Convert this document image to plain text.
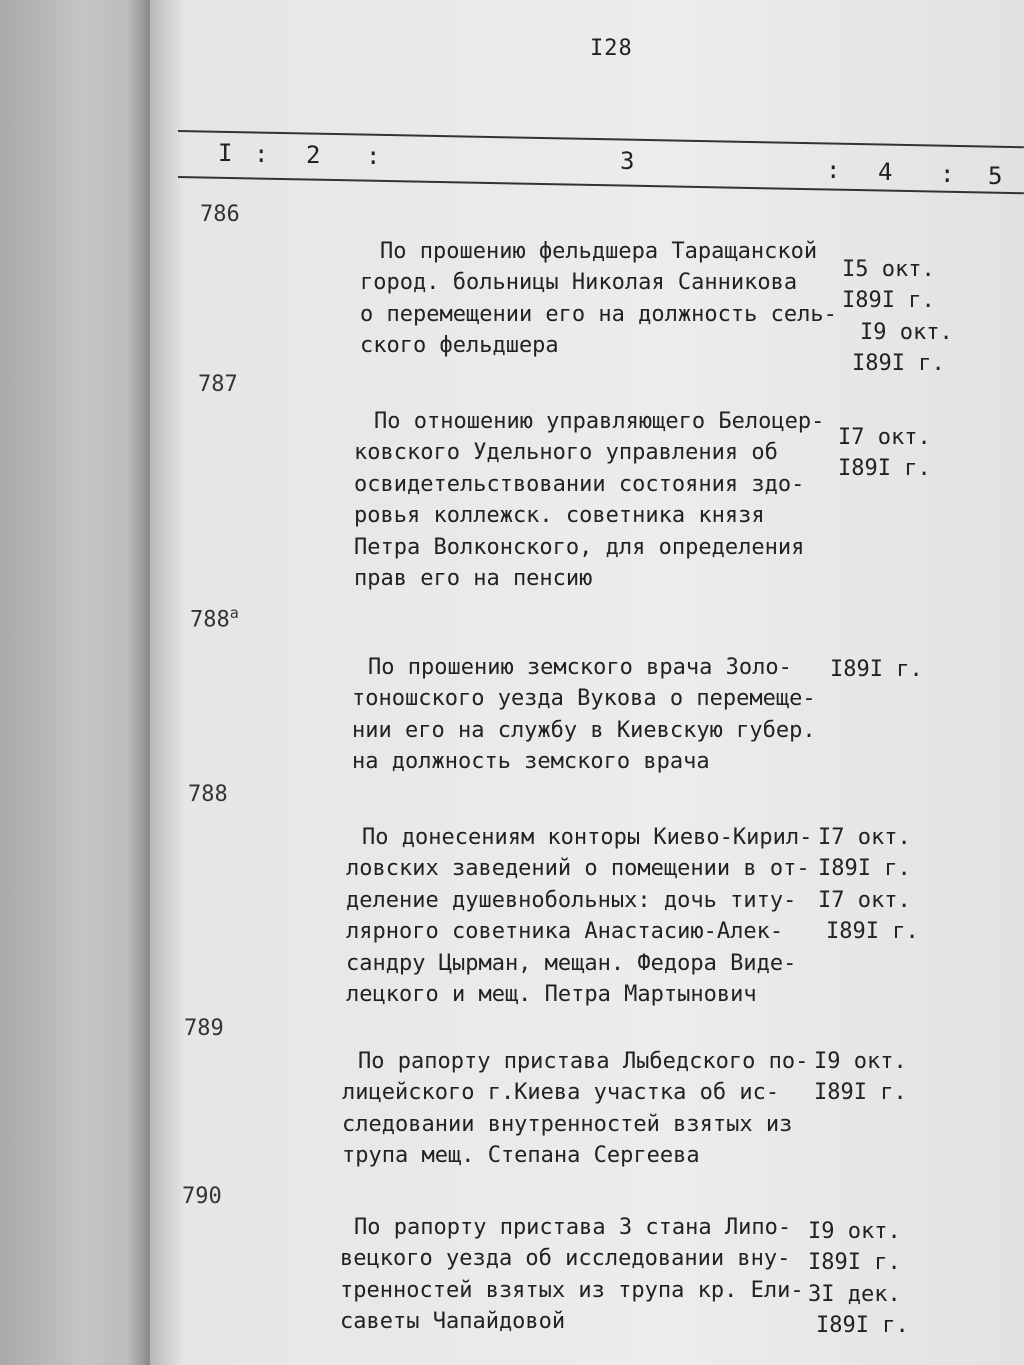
I28
I : 2 :	3	: 4 : 5
786

По прошению фельдшера Таращанской
город. больницы Николая Санникова
о перемещении его на должность сель-
ского фельдшера

I5 окт.
I89I г.
I9 окт.
I89I г.
787

По отношению управляющего Белоцер-
ковского Удельного управления об
освидетельствовании состояния здо-
ровья коллежск. советника князя
Петра Волконского, для определения
прав его на пенсию

I7 окт.
I89I г.
$788^а$

По прошению земского врача Золо-
тоношского уезда Вукова о перемеще-
нии его на службу в Киевскую губер.
на должность земского врача

I89I г.
788

По донесениям конторы Киево-Кирил-
ловских заведений о помещении в от-
деление душевнобольных: дочь титу-
лярного советника Анастасию-Алек-
сандру Цырман, мещан. Федора Виде-
лецкого и мещ. Петра Мартынович

I7 окт.
I89I г.
I7 окт.
I89I г.
789

По рапорту пристава Лыбедского по-
лицейского г.Киева участка об ис-
следовании внутренностей взятых из
трупа мещ. Степана Сергеева

I9 окт.
I89I г.
790

По рапорту пристава 3 стана Липо-
вецкого уезда об исследовании вну-
тренностей взятых из трупа кр. Ели-
саветы Чапайдовой

I9 окт.
I89I г.
3I дек.
I89I г.
